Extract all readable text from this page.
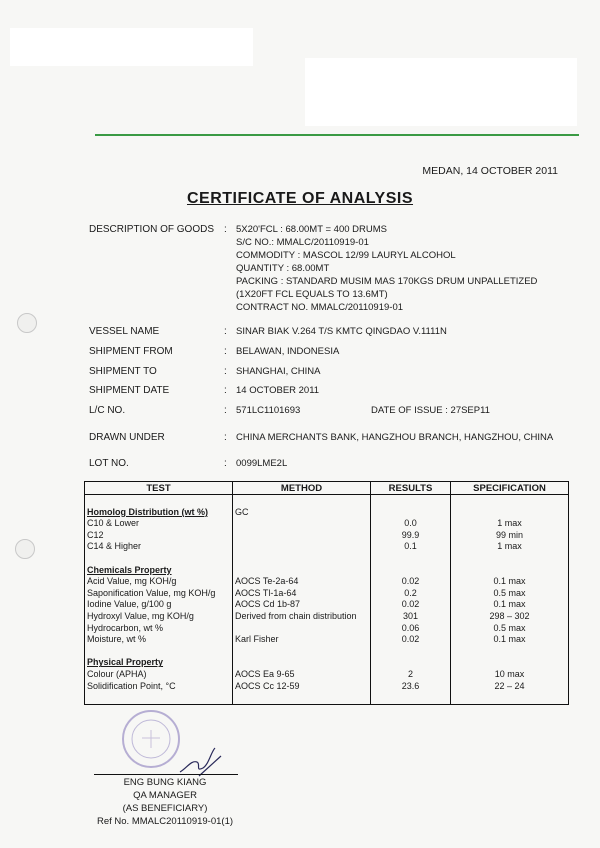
MEDAN, 14 OCTOBER 2011
CERTIFICATE OF ANALYSIS
DESCRIPTION OF GOODS : 5X20'FCL : 68.00MT = 400 DRUMS
S/C NO.: MMALC/20110919-01
COMMODITY : MASCOL 12/99 LAURYL ALCOHOL
QUANTITY : 68.00MT
PACKING : STANDARD MUSIM MAS 170KGS DRUM UNPALLETIZED
(1X20FT FCL EQUALS TO 13.6MT)
CONTRACT NO. MMALC/20110919-01
VESSEL NAME	: SINAR BIAK V.264 T/S KMTC QINGDAO V.1111N
SHIPMENT FROM	: BELAWAN, INDONESIA
SHIPMENT TO	: SHANGHAI, CHINA
SHIPMENT DATE	: 14 OCTOBER 2011
L/C NO.	: 571LC1101693	DATE OF ISSUE : 27SEP11
DRAWN UNDER	: CHINA MERCHANTS BANK, HANGZHOU BRANCH, HANGZHOU, CHINA
LOT NO.	: 0099LME2L
TEST	METHOD	RESULTS	SPECIFICATION

Homolog Distribution (wt %)	GC		
C10 & Lower		0.0	1 max
C12		99.9	99 min
C14 & Higher		0.1	1 max

Chemicals Property			
Acid Value, mg KOH/g	AOCS Te-2a-64	0.02	0.1 max
Saponification Value, mg KOH/g	AOCS Tl-1a-64	0.2	0.5 max
Iodine Value, g/100 g	AOCS Cd 1b-87	0.02	0.1 max
Hydroxyl Value, mg KOH/g	Derived from chain distribution	301	298 – 302
Hydrocarbon, wt %		0.06	0.5 max
Moisture, wt %	Karl Fisher	0.02	0.1 max

Physical Property			
Colour (APHA)	AOCS Ea 9-65	2	10 max
Solidification Point, °C	AOCS Cc 12-59	23.6	22 – 24

ENG BUNG KIANG
QA MANAGER
(AS BENEFICIARY)
Ref No. MMALC20110919-01(1)
